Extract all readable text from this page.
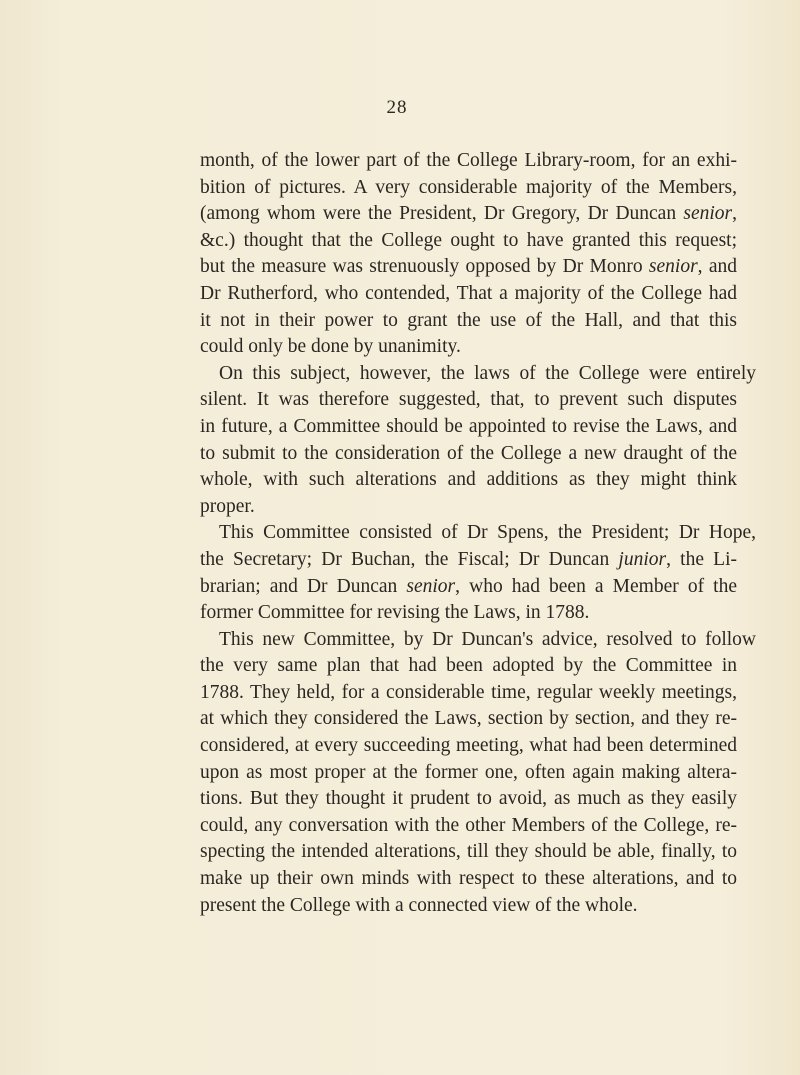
28
month, of the lower part of the College Library-room, for an exhi-
bition of pictures. A very considerable majority of the Members,
(among whom were the President, Dr Gregory, Dr Duncan senior,
&c.) thought that the College ought to have granted this request;
but the measure was strenuously opposed by Dr Monro senior, and
Dr Rutherford, who contended, That a majority of the College had
it not in their power to grant the use of the Hall, and that this
could only be done by unanimity.
On this subject, however, the laws of the College were entirely
silent. It was therefore suggested, that, to prevent such disputes
in future, a Committee should be appointed to revise the Laws, and
to submit to the consideration of the College a new draught of the
whole, with such alterations and additions as they might think
proper.
This Committee consisted of Dr Spens, the President; Dr Hope,
the Secretary; Dr Buchan, the Fiscal; Dr Duncan junior, the Li-
brarian; and Dr Duncan senior, who had been a Member of the
former Committee for revising the Laws, in 1788.
This new Committee, by Dr Duncan's advice, resolved to follow
the very same plan that had been adopted by the Committee in
1788. They held, for a considerable time, regular weekly meetings,
at which they considered the Laws, section by section, and they re-
considered, at every succeeding meeting, what had been determined
upon as most proper at the former one, often again making altera-
tions. But they thought it prudent to avoid, as much as they easily
could, any conversation with the other Members of the College, re-
specting the intended alterations, till they should be able, finally, to
make up their own minds with respect to these alterations, and to
present the College with a connected view of the whole.
